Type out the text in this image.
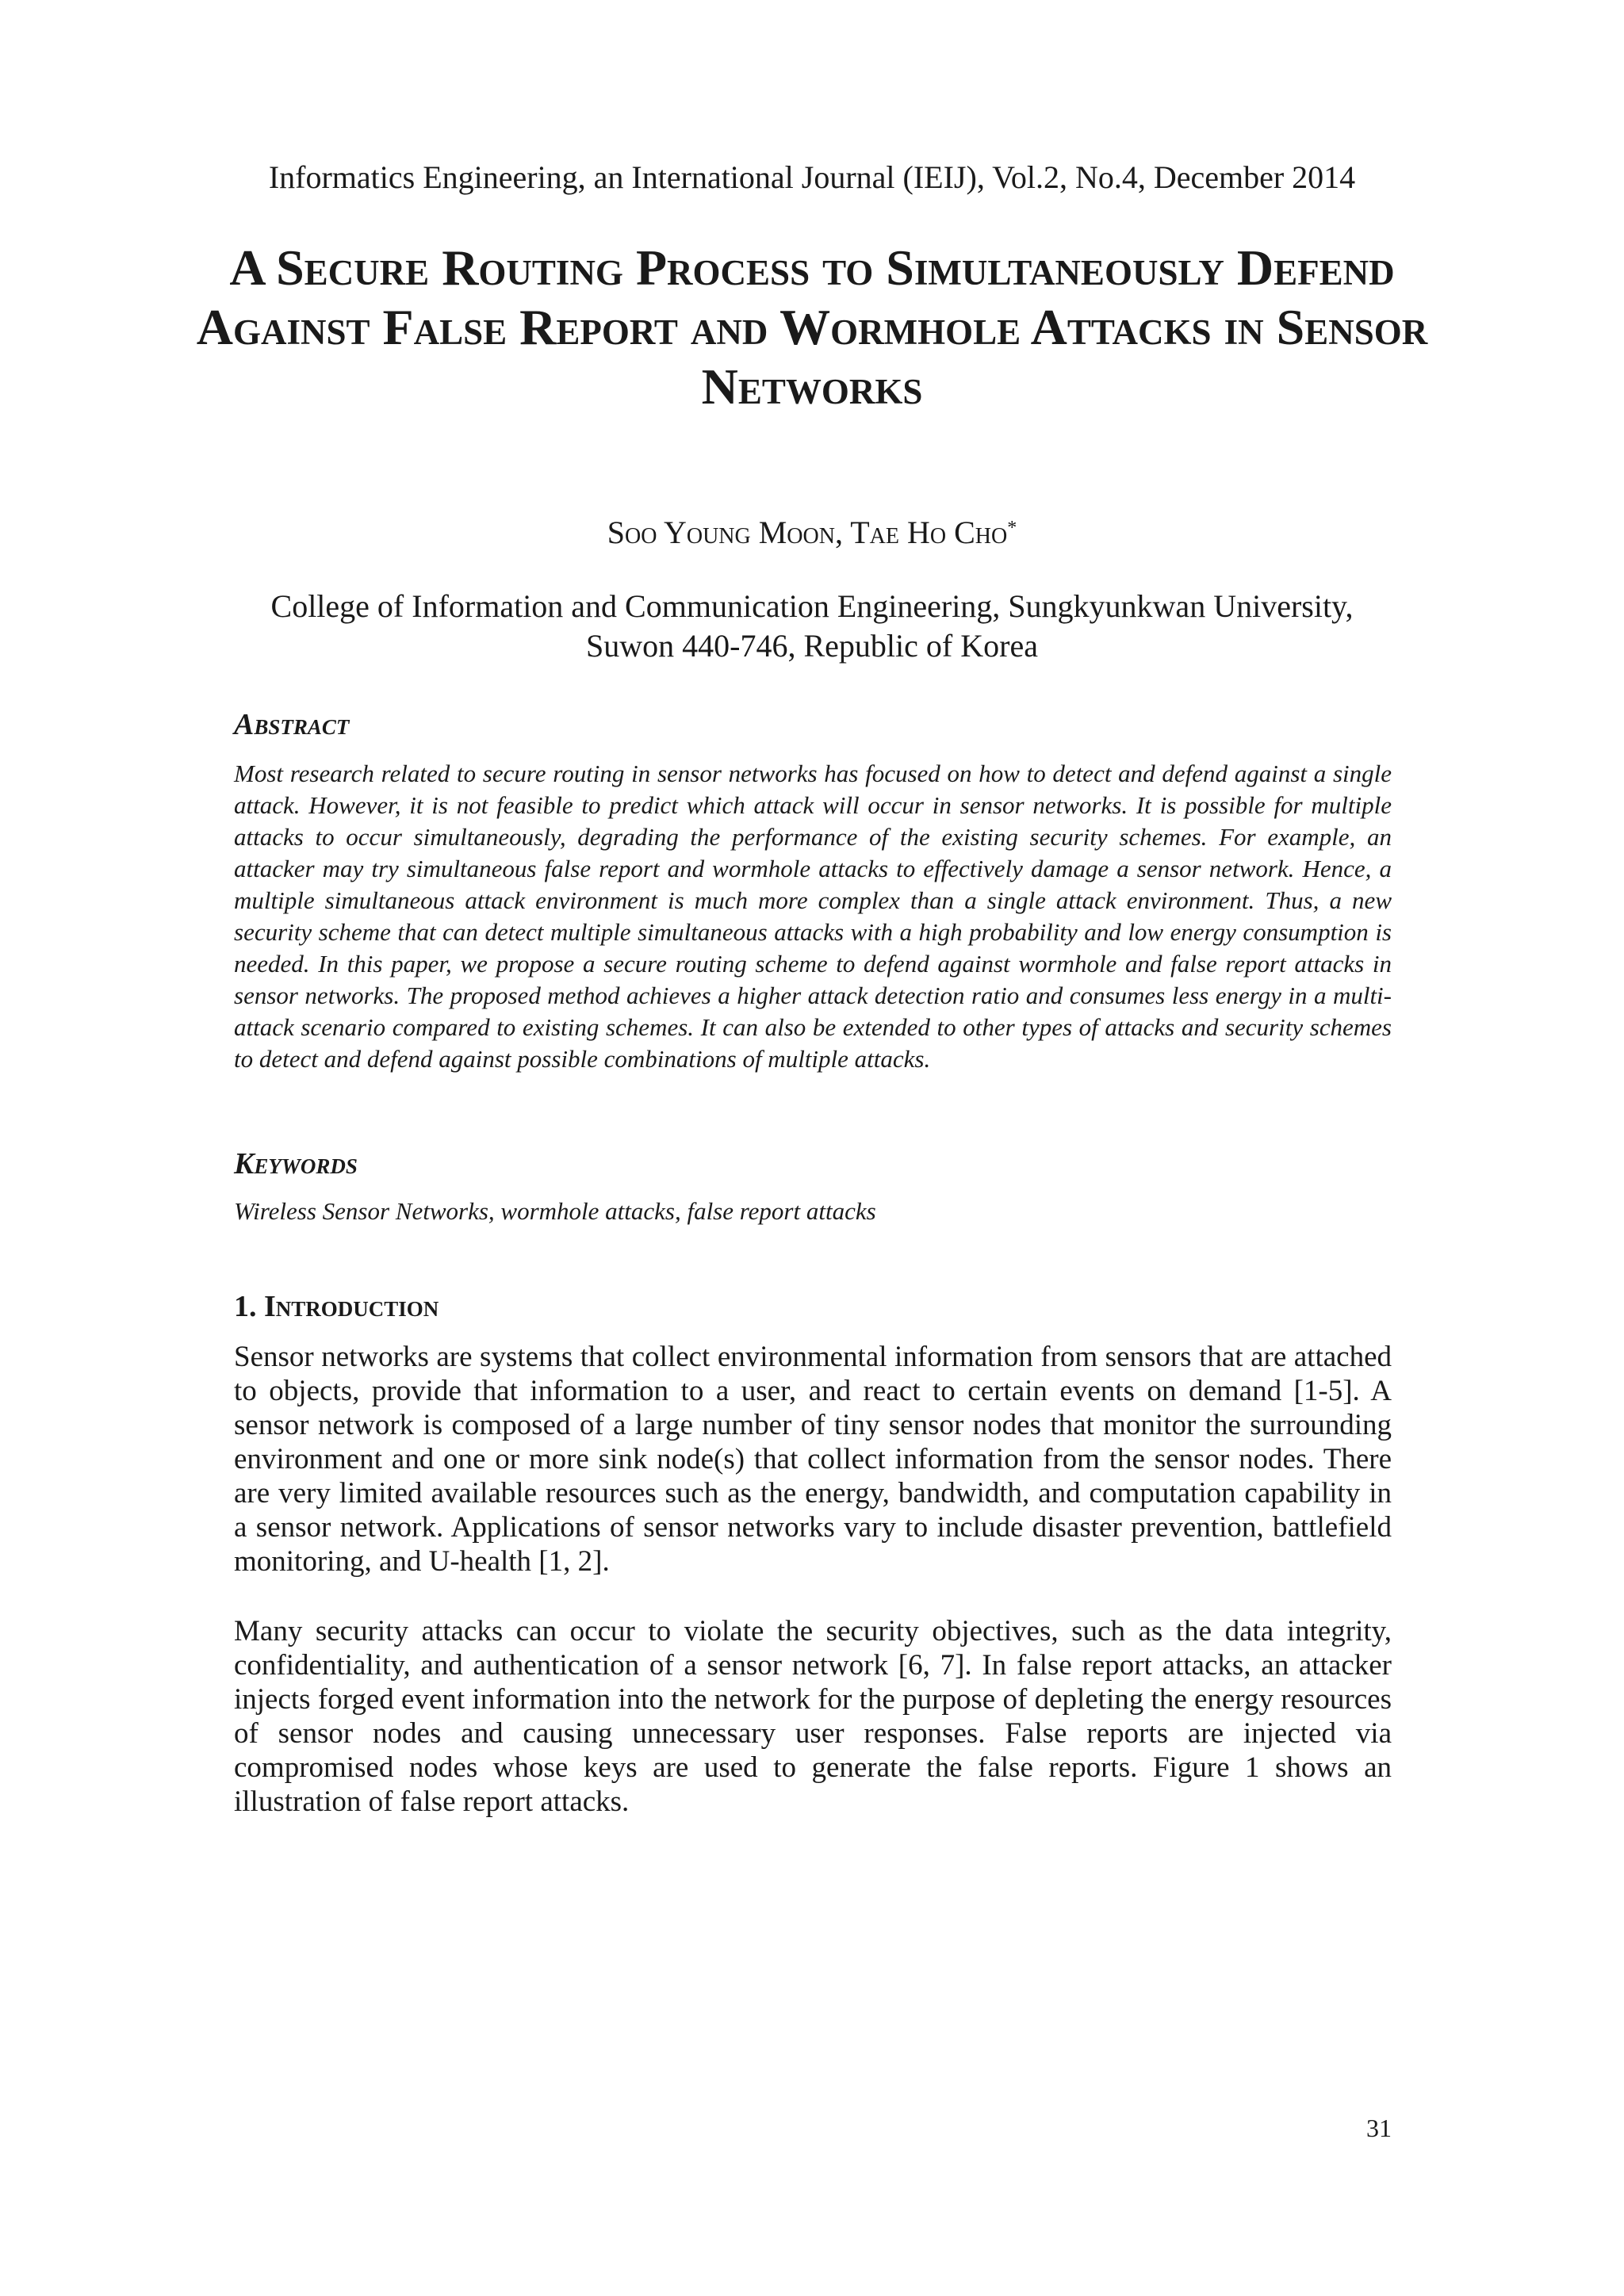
Informatics Engineering, an International Journal (IEIJ), Vol.2, No.4, December 2014
A Secure Routing Process to Simultaneously Defend Against False Report and Wormhole Attacks in Sensor Networks
Soo Young Moon, Tae Ho Cho*
College of Information and Communication Engineering, Sungkyunkwan University, Suwon 440-746, Republic of Korea
Abstract

Most research related to secure routing in sensor networks has focused on how to detect and defend against a single attack. However, it is not feasible to predict which attack will occur in sensor networks. It is possible for multiple attacks to occur simultaneously, degrading the performance of the existing security schemes. For example, an attacker may try simultaneous false report and wormhole attacks to effectively damage a sensor network. Hence, a multiple simultaneous attack environment is much more complex than a single attack environment. Thus, a new security scheme that can detect multiple simultaneous attacks with a high probability and low energy consumption is needed. In this paper, we propose a secure routing scheme to defend against wormhole and false report attacks in sensor networks. The proposed method achieves a higher attack detection ratio and consumes less energy in a multi-attack scenario compared to existing schemes. It can also be extended to other types of attacks and security schemes to detect and defend against possible combinations of multiple attacks.

Keywords

Wireless Sensor Networks, wormhole attacks, false report attacks

1. Introduction

Sensor networks are systems that collect environmental information from sensors that are attached to objects, provide that information to a user, and react to certain events on demand [1-5]. A sensor network is composed of a large number of tiny sensor nodes that monitor the surrounding environment and one or more sink node(s) that collect information from the sensor nodes. There are very limited available resources such as the energy, bandwidth, and computation capability in a sensor network. Applications of sensor networks vary to include disaster prevention, battlefield monitoring, and U-health [1, 2].

Many security attacks can occur to violate the security objectives, such as the data integrity, confidentiality, and authentication of a sensor network [6, 7]. In false report attacks, an attacker injects forged event information into the network for the purpose of depleting the energy resources of sensor nodes and causing unnecessary user responses. False reports are injected via compromised nodes whose keys are used to generate the false reports. Figure 1 shows an illustration of false report attacks.

31
